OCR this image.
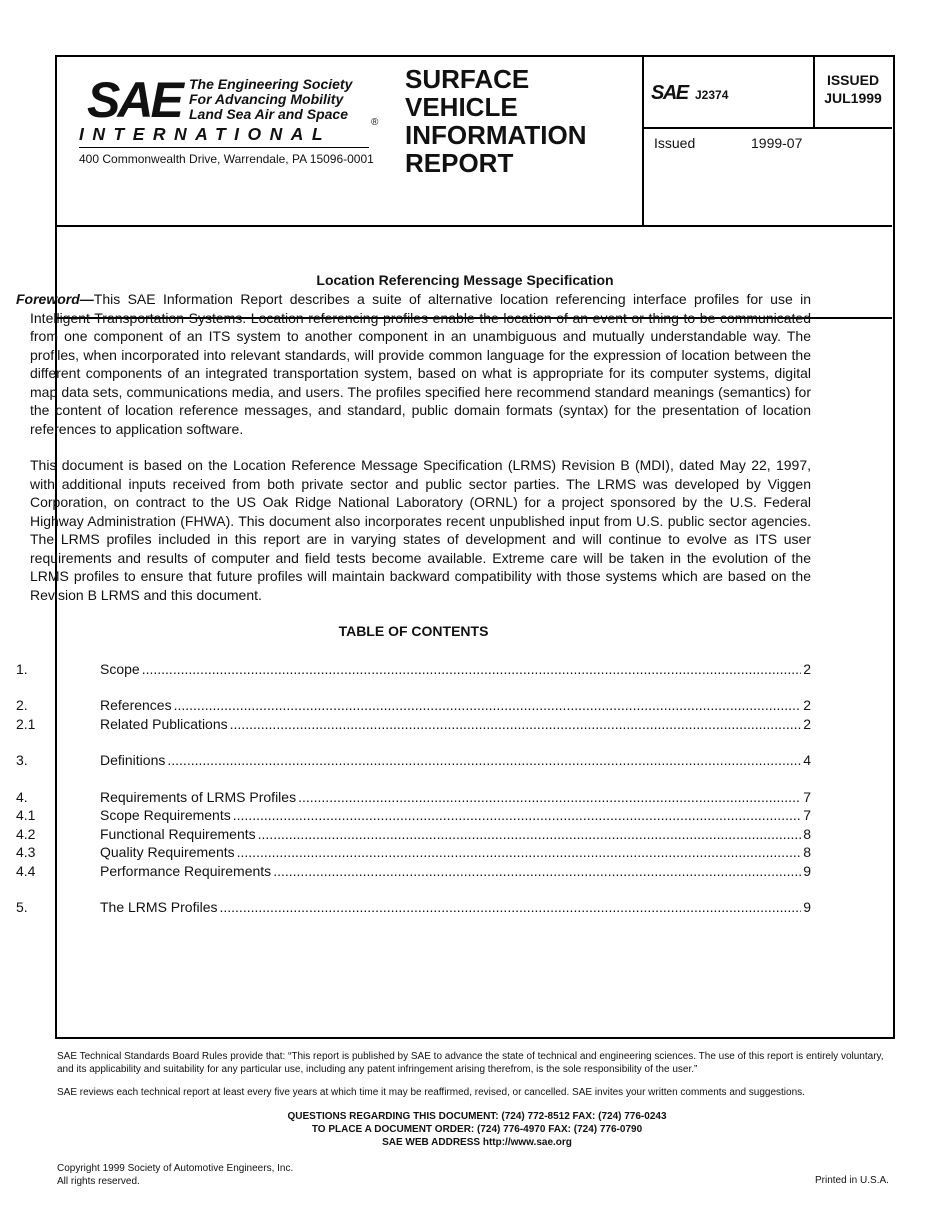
SAE The Engineering Society
For Advancing Mobility
Land Sea Air and Space
®
INTERNATIONAL
400 Commonwealth Drive, Warrendale, PA 15096-0001
SURFACE
VEHICLE
INFORMATION
REPORT
SAE J2374
ISSUED
JUL1999
Issued	1999-07
Location Referencing Message Specification

Foreword—This SAE Information Report describes a suite of alternative location referencing interface profiles for use in Intelligent Transportation Systems. Location referencing profiles enable the location of an event or thing to be communicated from one component of an ITS system to another component in an unambiguous and mutually understandable way. The profiles, when incorporated into relevant standards, will provide common language for the expression of location between the different components of an integrated transportation system, based on what is appropriate for its computer systems, digital map data sets, communications media, and users. The profiles specified here recommend standard meanings (semantics) for the content of location reference messages, and standard, public domain formats (syntax) for the presentation of location references to application software.

This document is based on the Location Reference Message Specification (LRMS) Revision B (MDI), dated May 22, 1997, with additional inputs received from both private sector and public sector parties. The LRMS was developed by Viggen Corporation, on contract to the US Oak Ridge National Laboratory (ORNL) for a project sponsored by the U.S. Federal Highway Administration (FHWA). This document also incorporates recent unpublished input from U.S. public sector agencies. The LRMS profiles included in this report are in varying states of development and will continue to evolve as ITS user requirements and results of computer and field tests become available. Extreme care will be taken in the evolution of the LRMS profiles to ensure that future profiles will maintain backward compatibility with those systems which are based on the Revision B LRMS and this document.

TABLE OF CONTENTS
1.	Scope .....	2
2.	References .....	2
2.1	Related Publications .....	2
3.	Definitions .....	4
4.	Requirements of LRMS Profiles .....	7
4.1	Scope Requirements .....	7
4.2	Functional Requirements .....	8
4.3	Quality Requirements .....	8
4.4	Performance Requirements .....	9
5.	The LRMS Profiles .....	9

SAE Technical Standards Board Rules provide that: “This report is published by SAE to advance the state of technical and engineering sciences. The use of this report is entirely voluntary, and its applicability and suitability for any particular use, including any patent infringement arising therefrom, is the sole responsibility of the user.”

SAE reviews each technical report at least every five years at which time it may be reaffirmed, revised, or cancelled. SAE invites your written comments and suggestions.

QUESTIONS REGARDING THIS DOCUMENT: (724) 772-8512 FAX: (724) 776-0243
TO PLACE A DOCUMENT ORDER: (724) 776-4970 FAX: (724) 776-0790
SAE WEB ADDRESS http://www.sae.org

Copyright 1999 Society of Automotive Engineers, Inc.
All rights reserved.	Printed in U.S.A.
